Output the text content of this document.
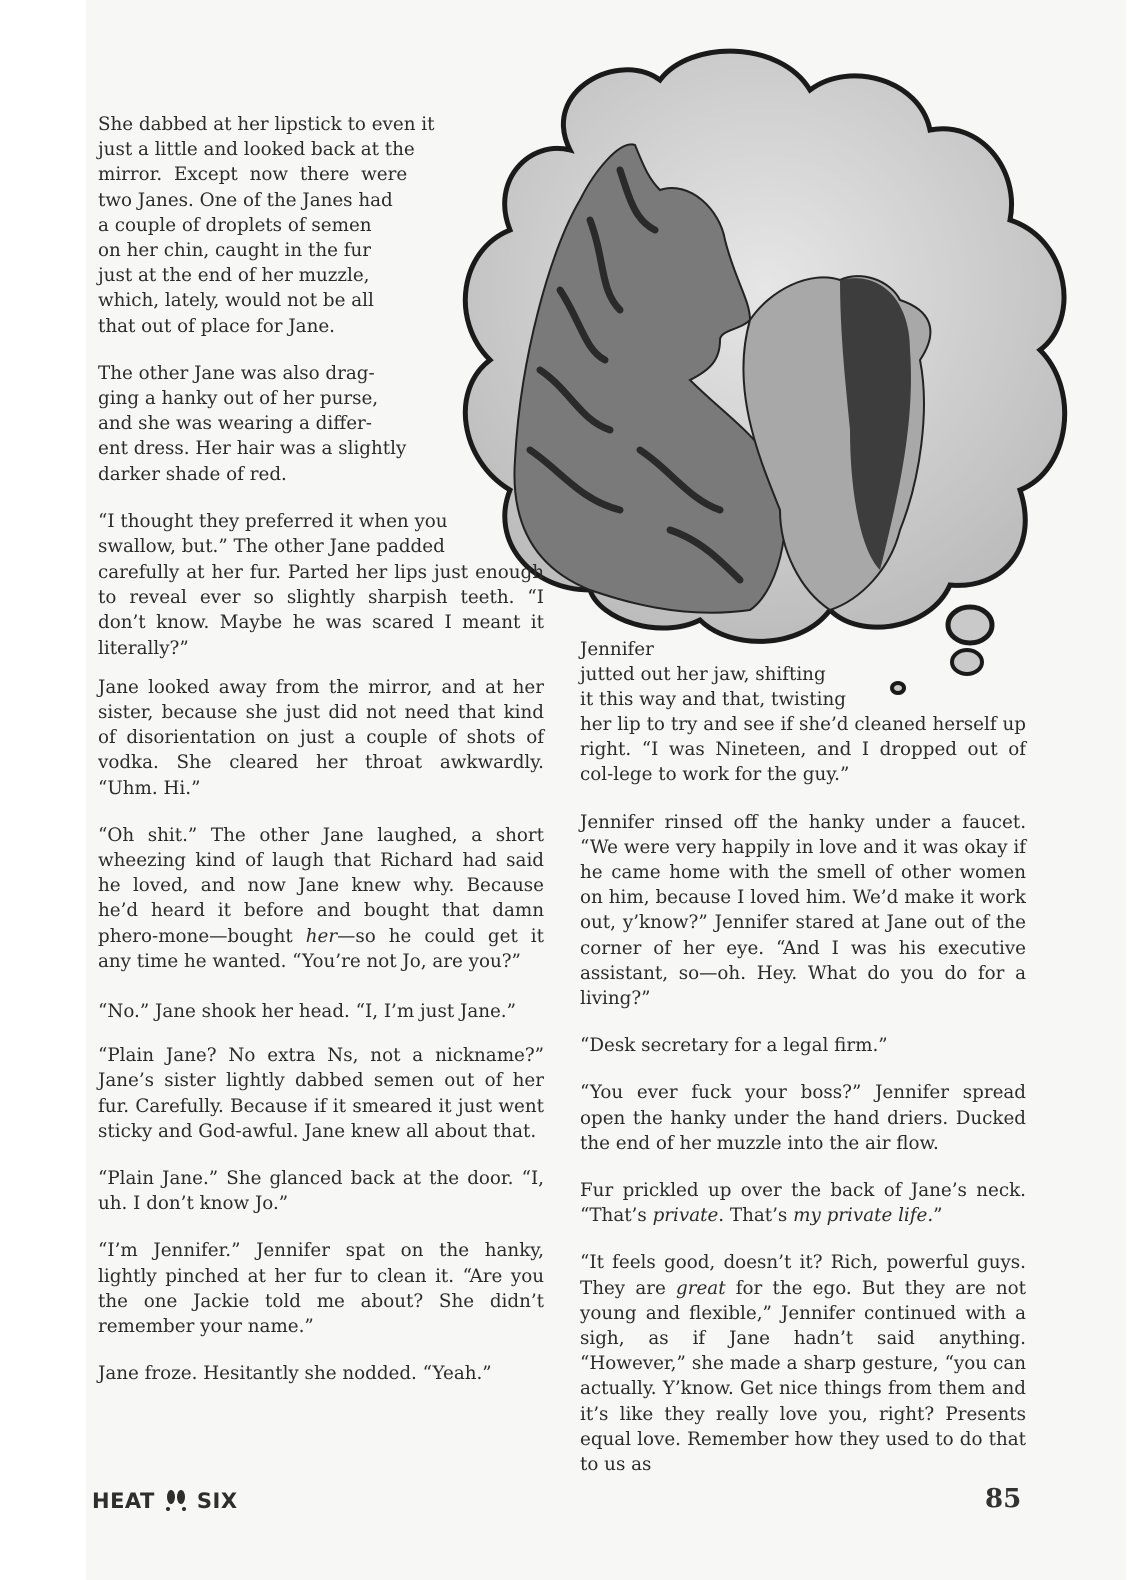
She dabbed at her lipstick to even it
just a little and looked back at the
mirror. Except now there were
two Janes. One of the Janes had
a couple of droplets of semen
on her chin, caught in the fur
just at the end of her muzzle,
which, lately, would not be all
that out of place for Jane.

The other Jane was also drag-
ging a hanky out of her purse,
and she was wearing a differ-
ent dress. Her hair was a slightly
darker shade of red.

“I thought they preferred it when you
swallow, but.” The other Jane padded

carefully at her fur. Parted her lips just enough to reveal ever so slightly sharpish teeth. “I don’t know. Maybe he was scared I meant it literally?”

Jane looked away from the mirror, and at her sister, because she just did not need that kind of disorientation on just a couple of shots of vodka. She cleared her throat awkwardly. “Uhm. Hi.”

“Oh shit.” The other Jane laughed, a short wheezing kind of laugh that Richard had said he loved, and now Jane knew why. Because he’d heard it before and bought that damn phero-mone—bought her—so he could get it any time he wanted. “You’re not Jo, are you?”

“No.” Jane shook her head. “I, I’m just Jane.”

“Plain Jane? No extra Ns, not a nickname?” Jane’s sister lightly dabbed semen out of her fur. Carefully. Because if it smeared it just went sticky and God-awful. Jane knew all about that.

“Plain Jane.” She glanced back at the door. “I, uh. I don’t know Jo.”

“I’m Jennifer.” Jennifer spat on the hanky, lightly pinched at her fur to clean it. “Are you the one Jackie told me about? She didn’t remember your name.”

Jane froze. Hesitantly she nodded. “Yeah.”

Jennifer
jutted out her jaw, shifting
it this way and that, twisting

her lip to try and see if she’d cleaned herself up right. “I was Nineteen, and I dropped out of col-lege to work for the guy.”

Jennifer rinsed off the hanky under a faucet. “We were very happily in love and it was okay if he came home with the smell of other women on him, because I loved him. We’d make it work out, y’know?” Jennifer stared at Jane out of the corner of her eye. “And I was his executive assistant, so—oh. Hey. What do you do for a living?”

“Desk secretary for a legal firm.”

“You ever fuck your boss?” Jennifer spread open the hanky under the hand driers. Ducked the end of her muzzle into the air flow.

Fur prickled up over the back of Jane’s neck. “That’s private. That’s my private life.”

“It feels good, doesn’t it? Rich, powerful guys. They are great for the ego. But they are not young and flexible,” Jennifer continued with a sigh, as if Jane hadn’t said anything. “However,” she made a sharp gesture, “you can actually. Y’know. Get nice things from them and it’s like they really love you, right? Presents equal love. Remember how they used to do that to us as

HEAT SIX	85
